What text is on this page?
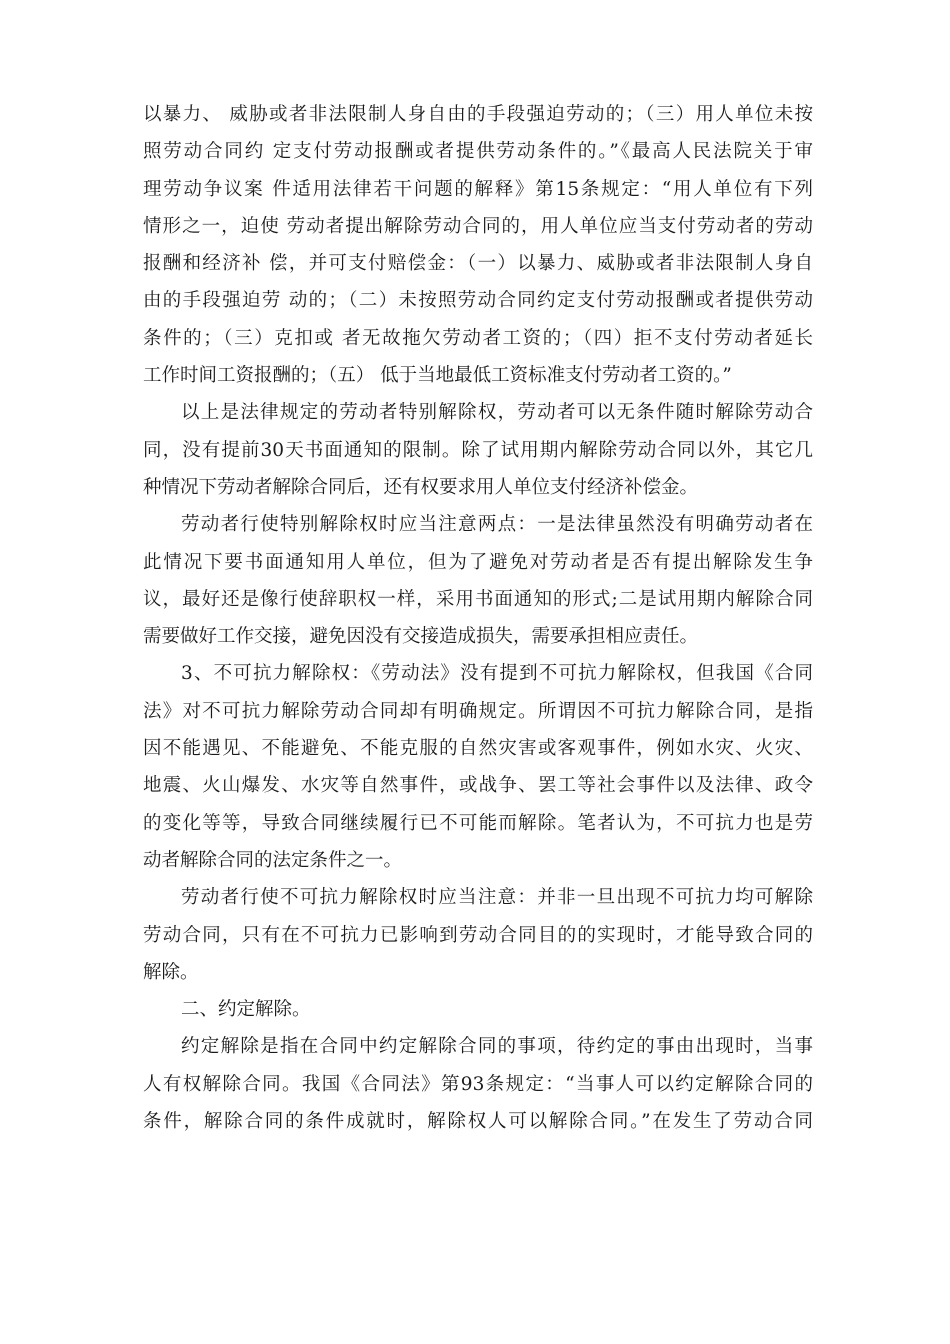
以暴力、 威胁或者非法限制人身自由的手段强迫劳动的；（三）用人单位未按
照劳动合同约 定支付劳动报酬或者提供劳动条件的。”《最高人民法院关于审
理劳动争议案 件适用法律若干问题的解释》第15条规定：“用人单位有下列
情形之一，迫使 劳动者提出解除劳动合同的，用人单位应当支付劳动者的劳动
报酬和经济补 偿，并可支付赔偿金：（一）以暴力、威胁或者非法限制人身自
由的手段强迫劳 动的；（二）未按照劳动合同约定支付劳动报酬或者提供劳动
条件的；（三）克扣或 者无故拖欠劳动者工资的；（四）拒不支付劳动者延长
工作时间工资报酬的；（五） 低于当地最低工资标准支付劳动者工资的。”
以上是法律规定的劳动者特别解除权，劳动者可以无条件随时解除劳动合
同，没有提前30天书面通知的限制。除了试用期内解除劳动合同以外，其它几
种情况下劳动者解除合同后，还有权要求用人单位支付经济补偿金。
劳动者行使特别解除权时应当注意两点：一是法律虽然没有明确劳动者在
此情况下要书面通知用人单位，但为了避免对劳动者是否有提出解除发生争
议，最好还是像行使辞职权一样，采用书面通知的形式;二是试用期内解除合同
需要做好工作交接，避免因没有交接造成损失，需要承担相应责任。
3、不可抗力解除权：《劳动法》没有提到不可抗力解除权，但我国《合同
法》对不可抗力解除劳动合同却有明确规定。所谓因不可抗力解除合同，是指
因不能遇见、不能避免、不能克服的自然灾害或客观事件，例如水灾、火灾、
地震、火山爆发、水灾等自然事件，或战争、罢工等社会事件以及法律、政令
的变化等等，导致合同继续履行已不可能而解除。笔者认为，不可抗力也是劳
动者解除合同的法定条件之一。
劳动者行使不可抗力解除权时应当注意：并非一旦出现不可抗力均可解除
劳动合同，只有在不可抗力已影响到劳动合同目的的实现时，才能导致合同的
解除。
二、约定解除。
约定解除是指在合同中约定解除合同的事项，待约定的事由出现时，当事
人有权解除合同。我国《合同法》第93条规定：“当事人可以约定解除合同的
条件，解除合同的条件成就时，解除权人可以解除合同。”在发生了劳动合同
